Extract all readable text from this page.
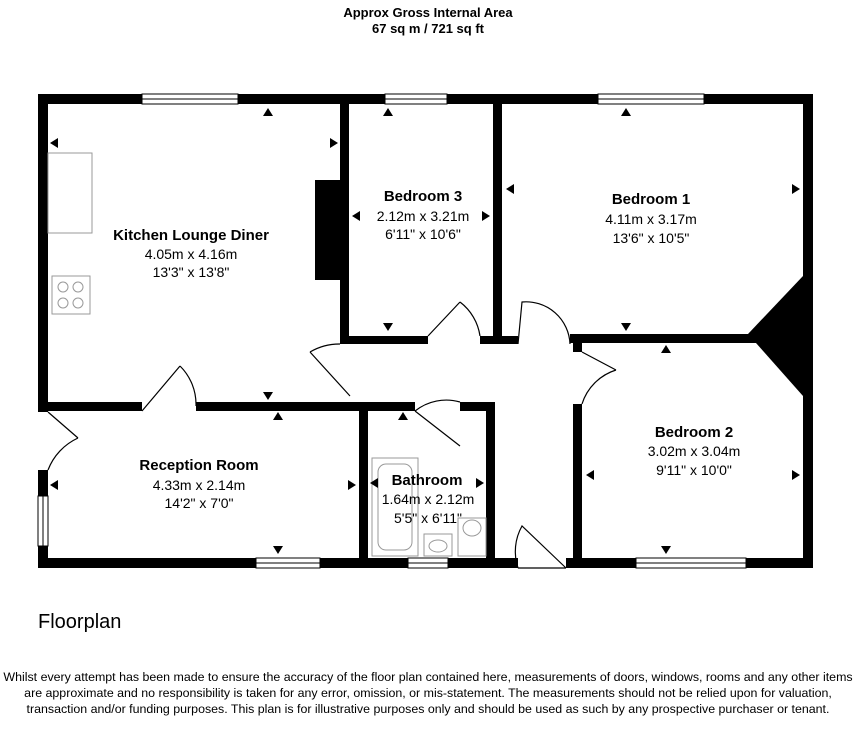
Approx Gross Internal Area
67 sq m / 721 sq ft
Kitchen Lounge Diner
4.05m x 4.16m
13'3" x 13'8"
Bedroom 3
2.12m x 3.21m
6'11" x 10'6"
Bedroom 1
4.11m x 3.17m
13'6" x 10'5"
Bedroom 2
3.02m x 3.04m
9'11" x 10'0"
Reception Room
4.33m x 2.14m
14'2" x 7'0"
Bathroom
1.64m x 2.12m
5'5" x 6'11"
Floorplan
Whilst every attempt has been made to ensure the accuracy of the floor plan contained here, measurements of doors, windows, rooms and any other items are approximate and no responsibility is taken for any error, omission, or mis-statement. The measurements should not be relied upon for valuation, transaction and/or funding purposes. This plan is for illustrative purposes only and should be used as such by any prospective purchaser or tenant.
